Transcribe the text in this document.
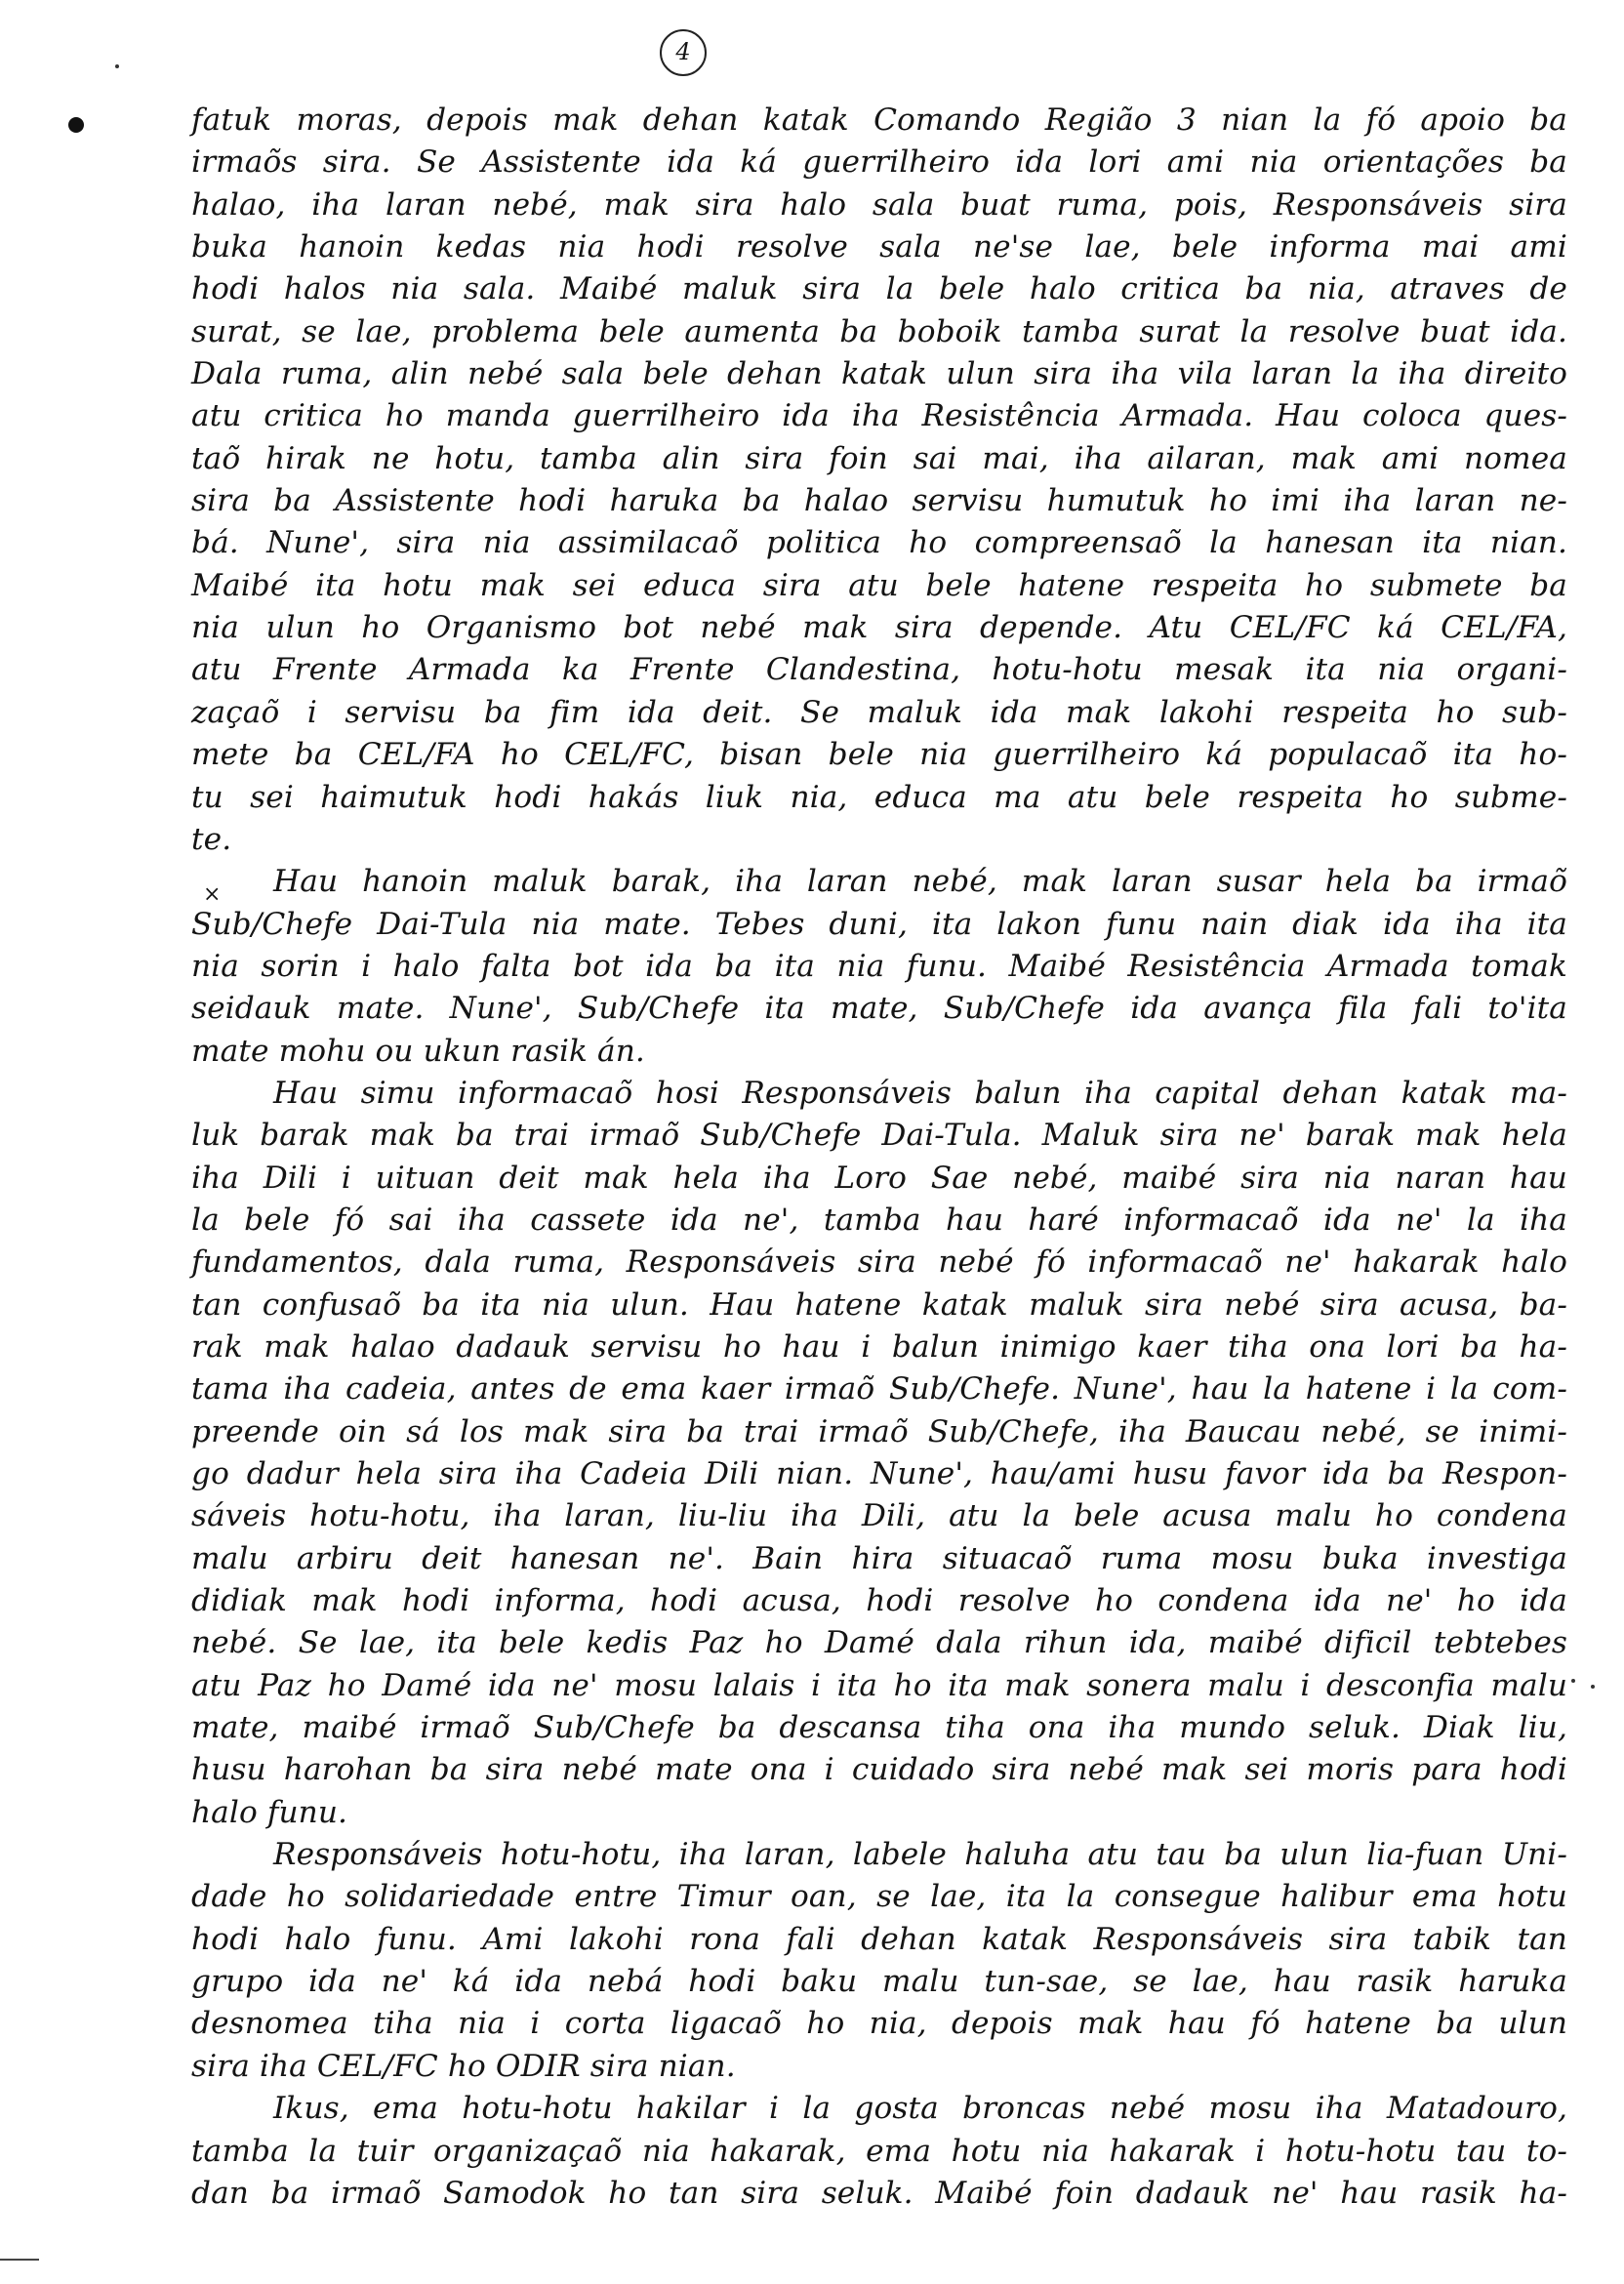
4
×
fatuk moras, depois mak dehan katak Comando Região 3 nian la fó apoio ba
irmaõs sira. Se Assistente ida ká guerrilheiro ida lori ami nia orientações ba
halao, iha laran nebé, mak sira halo sala buat ruma, pois, Responsáveis sira
buka hanoin kedas nia hodi resolve sala ne'se lae, bele informa mai ami
hodi halos nia sala. Maibé maluk sira la bele halo critica ba nia, atraves de
surat, se lae, problema bele aumenta ba boboik tamba surat la resolve buat ida.
Dala ruma, alin nebé sala bele dehan katak ulun sira iha vila laran la iha direito
atu critica ho manda guerrilheiro ida iha Resistência Armada. Hau coloca ques-
taõ hirak ne hotu, tamba alin sira foin sai mai, iha ailaran, mak ami nomea
sira ba Assistente hodi haruka ba halao servisu humutuk ho imi iha laran ne-
bá. Nune', sira nia assimilacaõ politica ho compreensaõ la hanesan ita nian.
Maibé ita hotu mak sei educa sira atu bele hatene respeita ho submete ba
nia ulun ho Organismo bot nebé mak sira depende. Atu CEL/FC ká CEL/FA,
atu Frente Armada ka Frente Clandestina, hotu-hotu mesak ita nia organi-
zaçaõ i servisu ba fim ida deit. Se maluk ida mak lakohi respeita ho sub-
mete ba CEL/FA ho CEL/FC, bisan bele nia guerrilheiro ká populacaõ ita ho-
tu sei haimutuk hodi hakás liuk nia, educa ma atu bele respeita ho subme-
te.
Hau hanoin maluk barak, iha laran nebé, mak laran susar hela ba irmaõ
Sub/Chefe Dai-Tula nia mate. Tebes duni, ita lakon funu nain diak ida iha ita
nia sorin i halo falta bot ida ba ita nia funu. Maibé Resistência Armada tomak
seidauk mate. Nune', Sub/Chefe ita mate, Sub/Chefe ida avança fila fali to'ita
mate mohu ou ukun rasik án.
Hau simu informacaõ hosi Responsáveis balun iha capital dehan katak ma-
luk barak mak ba trai irmaõ Sub/Chefe Dai-Tula. Maluk sira ne' barak mak hela
iha Dili i uituan deit mak hela iha Loro Sae nebé, maibé sira nia naran hau
la bele fó sai iha cassete ida ne', tamba hau haré informacaõ ida ne' la iha
fundamentos, dala ruma, Responsáveis sira nebé fó informacaõ ne' hakarak halo
tan confusaõ ba ita nia ulun. Hau hatene katak maluk sira nebé sira acusa, ba-
rak mak halao dadauk servisu ho hau i balun inimigo kaer tiha ona lori ba ha-
tama iha cadeia, antes de ema kaer irmaõ Sub/Chefe. Nune', hau la hatene i la com-
preende oin sá los mak sira ba trai irmaõ Sub/Chefe, iha Baucau nebé, se inimi-
go dadur hela sira iha Cadeia Dili nian. Nune', hau/ami husu favor ida ba Respon-
sáveis hotu-hotu, iha laran, liu-liu iha Dili, atu la bele acusa malu ho condena
malu arbiru deit hanesan ne'. Bain hira situacaõ ruma mosu buka investiga
didiak mak hodi informa, hodi acusa, hodi resolve ho condena ida ne' ho ida
nebé. Se lae, ita bele kedis Paz ho Damé dala rihun ida, maibé dificil tebtebes
atu Paz ho Damé ida ne' mosu lalais i ita ho ita mak sonera malu i desconfia malu
mate, maibé irmaõ Sub/Chefe ba descansa tiha ona iha mundo seluk. Diak liu,
husu harohan ba sira nebé mate ona i cuidado sira nebé mak sei moris para hodi
halo funu.
Responsáveis hotu-hotu, iha laran, labele haluha atu tau ba ulun lia-fuan Uni-
dade ho solidariedade entre Timur oan, se lae, ita la consegue halibur ema hotu
hodi halo funu. Ami lakohi rona fali dehan katak Responsáveis sira tabik tan
grupo ida ne' ká ida nebá hodi baku malu tun-sae, se lae, hau rasik haruka
desnomea tiha nia i corta ligacaõ ho nia, depois mak hau fó hatene ba ulun
sira iha CEL/FC ho ODIR sira nian.
Ikus, ema hotu-hotu hakilar i la gosta broncas nebé mosu iha Matadouro,
tamba la tuir organizaçaõ nia hakarak, ema hotu nia hakarak i hotu-hotu tau to-
dan ba irmaõ Samodok ho tan sira seluk. Maibé foin dadauk ne' hau rasik ha-
